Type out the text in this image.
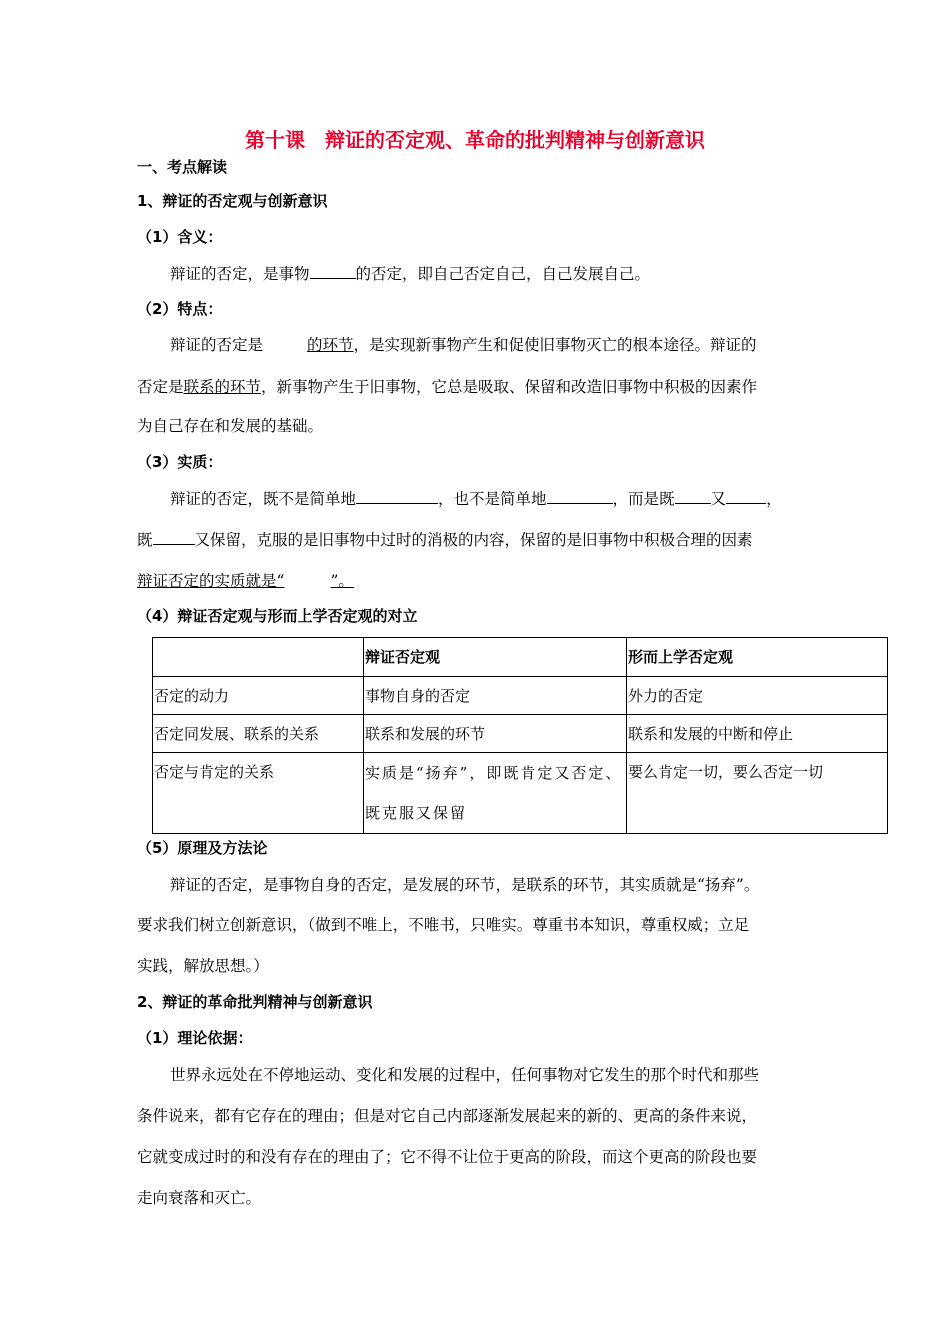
第十课　辩证的否定观、革命的批判精神与创新意识
一、考点解读
1、辩证的否定观与创新意识
（1）含义：
辩证的否定，是事物	的否定，即自己否定自己，自己发展自己。
（2）特点：
辩证的否定是	的环节，是实现新事物产生和促使旧事物灭亡的根本途径。辩证的
否定是联系的环节，新事物产生于旧事物，它总是吸取、保留和改造旧事物中积极的因素作
为自己存在和发展的基础。
（3）实质：
辩证的否定，既不是简单地	，也不是简单地	，而是既 又	，
既	又保留，克服的是旧事物中过时的消极的内容，保留的是旧事物中积极合理的因素
辩证否定的实质就是“	”。
（4）辩证否定观与形而上学否定观的对立
	辩证否定观	形而上学否定观
否定的动力	事物自身的否定	外力的否定
否定同发展、联系的关系	联系和发展的环节	联系和发展的中断和停止
否定与肯定的关系	实质是“扬弃”，即既肯定又否定、既克服又保留	要么肯定一切，要么否定一切
（5）原理及方法论
辩证的否定，是事物自身的否定，是发展的环节，是联系的环节，其实质就是“扬弃”。
要求我们树立创新意识，（做到不唯上，不唯书，只唯实。尊重书本知识，尊重权威；立足
实践，解放思想。）
2、辩证的革命批判精神与创新意识
（1）理论依据：
世界永远处在不停地运动、变化和发展的过程中，任何事物对它发生的那个时代和那些
条件说来，都有它存在的理由；但是对它自己内部逐渐发展起来的新的、更高的条件来说，
它就变成过时的和没有存在的理由了；它不得不让位于更高的阶段，而这个更高的阶段也要
走向衰落和灭亡。
